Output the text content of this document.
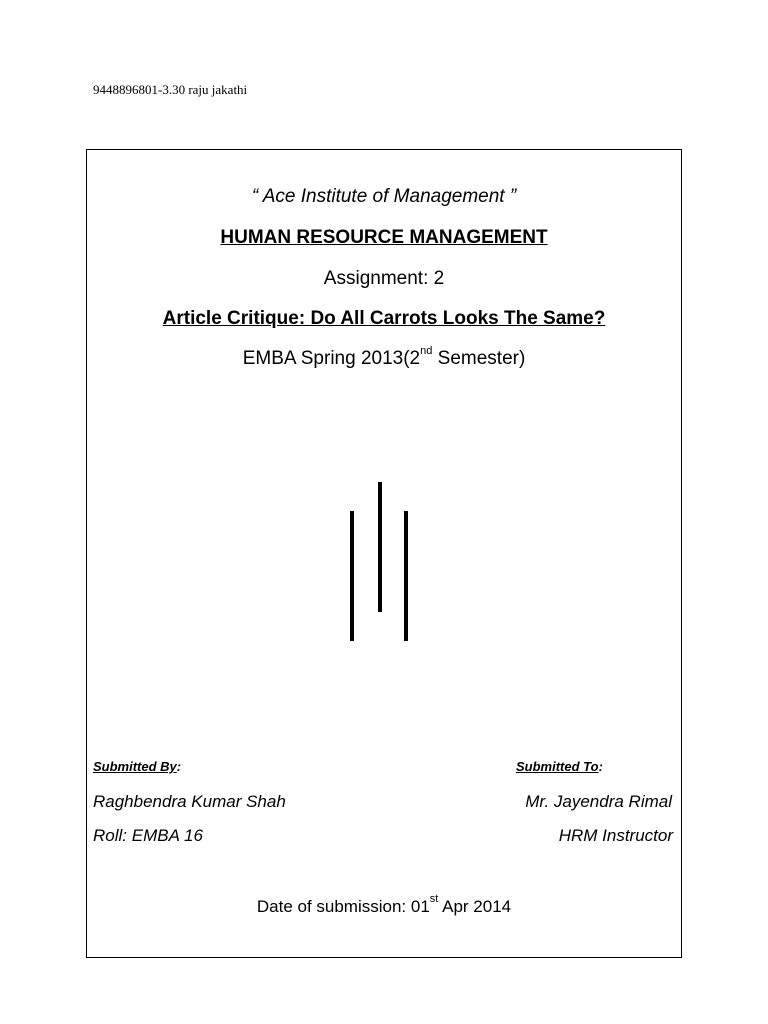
9448896801-3.30 raju jakathi
“ Ace Institute of Management ”
HUMAN RESOURCE MANAGEMENT
Assignment: 2
Article Critique: Do All Carrots Looks The Same?
EMBA Spring 2013(2nd Semester)
Submitted By:	Submitted To:
Raghbendra Kumar Shah
Roll: EMBA 16
Mr. Jayendra Rimal
HRM Instructor
Date of submission: 01st Apr 2014
